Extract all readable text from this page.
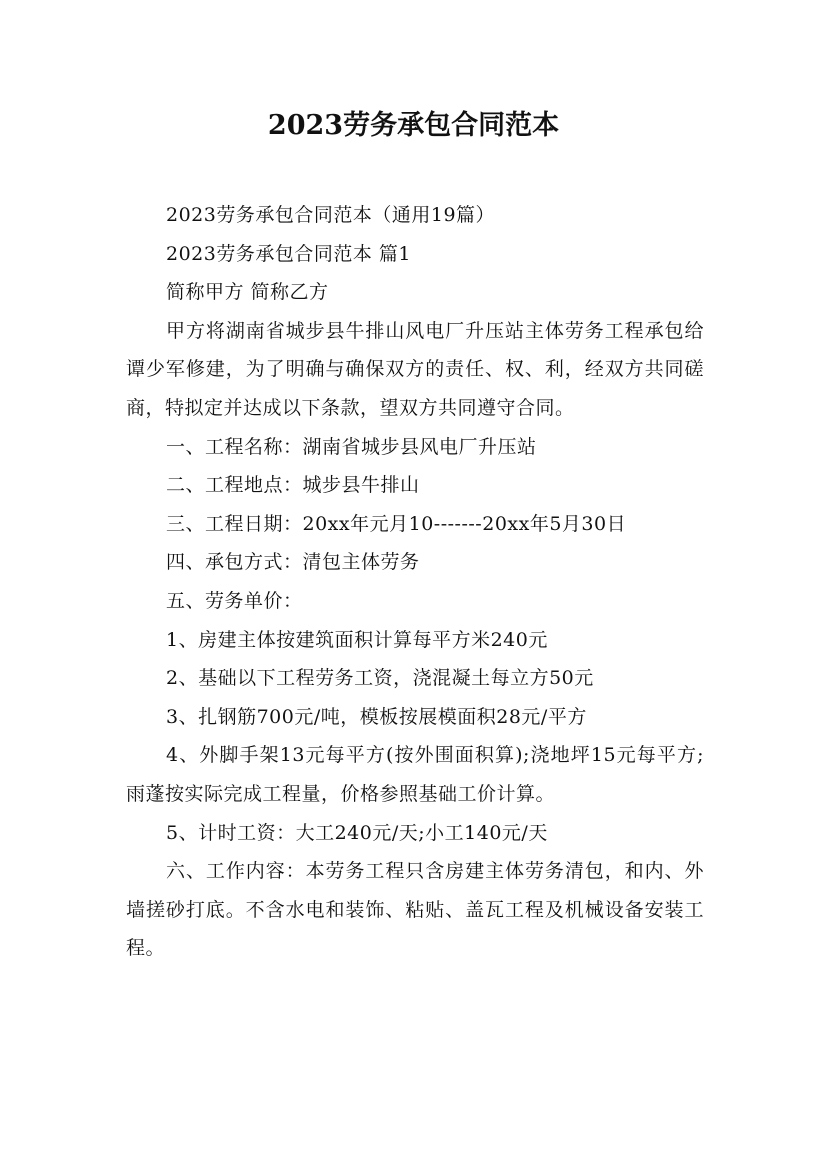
2023劳务承包合同范本

2023劳务承包合同范本（通用19篇）

2023劳务承包合同范本 篇1

简称甲方 简称乙方

甲方将湖南省城步县牛排山风电厂升压站主体劳务工程承包给谭少军修建，为了明确与确保双方的责任、权、利，经双方共同磋商，特拟定并达成以下条款，望双方共同遵守合同。

一、工程名称：湖南省城步县风电厂升压站

二、工程地点：城步县牛排山

三、工程日期：20xx年元月10-------20xx年5月30日

四、承包方式：清包主体劳务

五、劳务单价：

1、房建主体按建筑面积计算每平方米240元

2、基础以下工程劳务工资，浇混凝土每立方50元

3、扎钢筋700元/吨，模板按展模面积28元/平方

4、外脚手架13元每平方(按外围面积算);浇地坪15元每平方;雨蓬按实际完成工程量，价格参照基础工价计算。

5、计时工资：大工240元/天;小工140元/天

六、工作内容：本劳务工程只含房建主体劳务清包，和内、外墙搓砂打底。不含水电和装饰、粘贴、盖瓦工程及机械设备安装工程。
